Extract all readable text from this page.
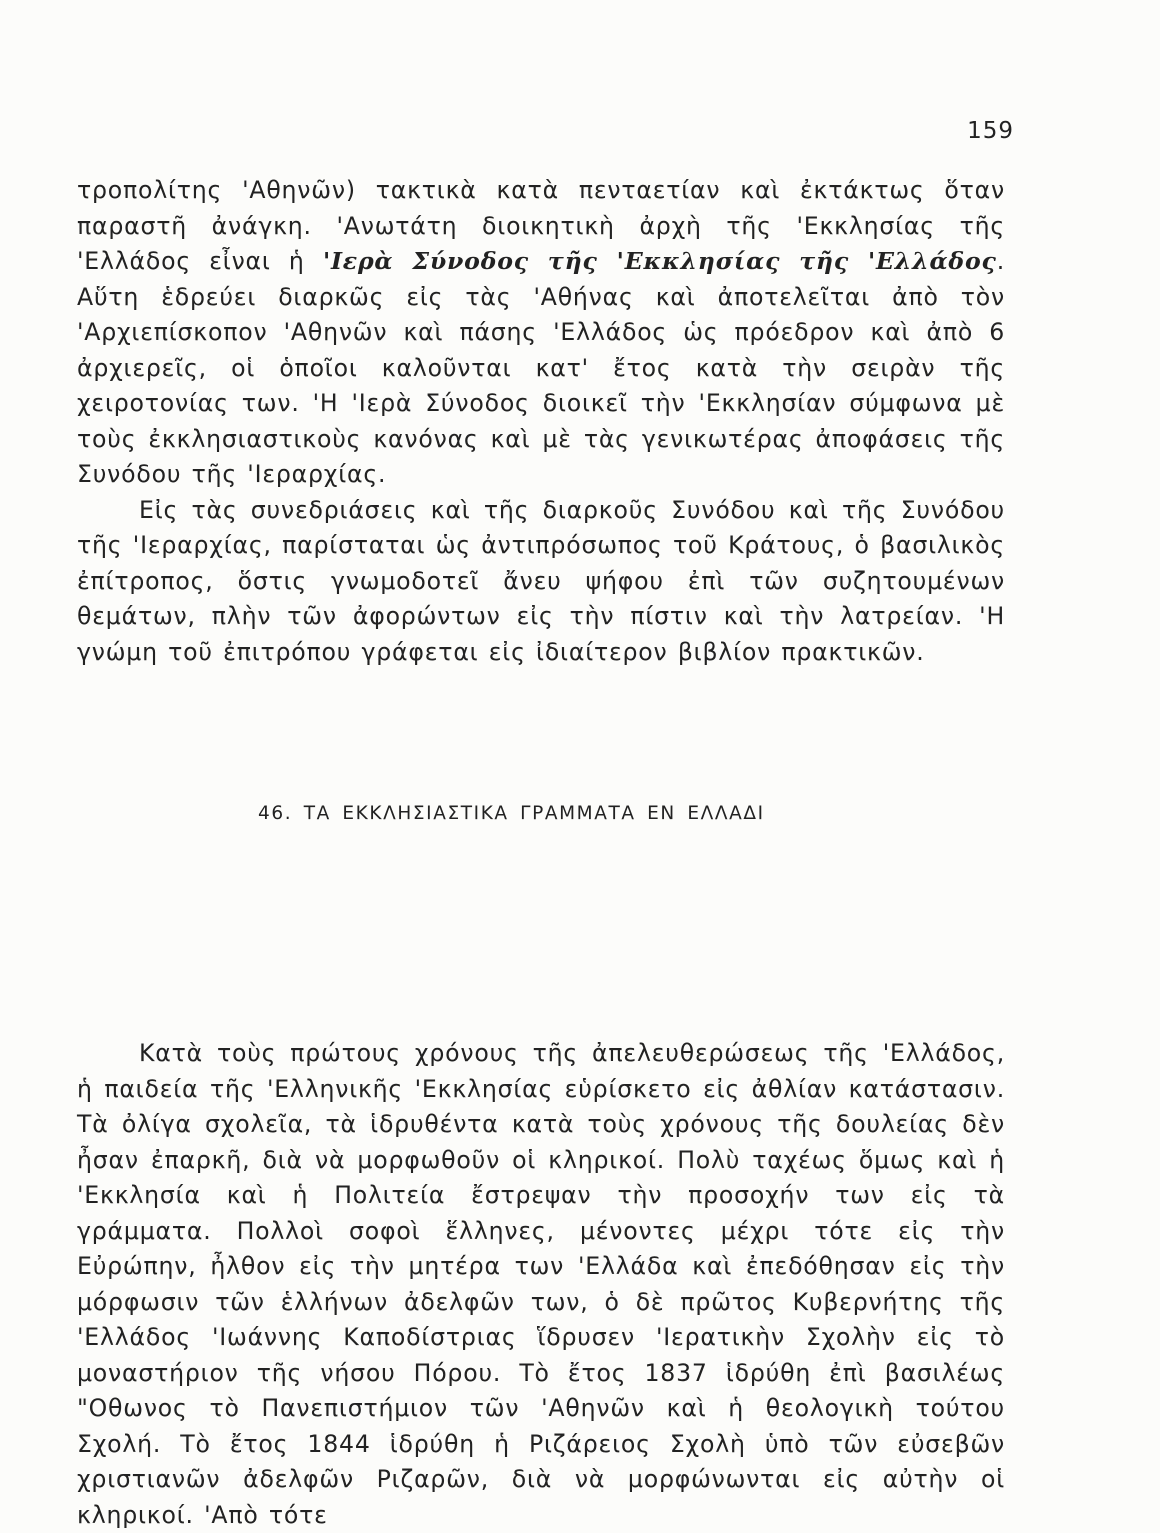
159

τροπολίτης 'Αθηνῶν) τακτικὰ κατὰ πενταετίαν καὶ ἐκτάκτως ὅταν παραστῆ ἀνάγκη. 'Ανωτάτη διοικητικὴ ἀρχὴ τῆς 'Εκκλησίας τῆς 'Ελλάδος εἶναι ἡ 'Ιερὰ Σύνοδος τῆς 'Εκκλησίας τῆς 'Ελλάδος. Αὕτη ἑδρεύει διαρκῶς εἰς τὰς 'Αθήνας καὶ ἀποτελεῖται ἀπὸ τὸν 'Αρχιεπίσκοπον 'Αθηνῶν καὶ πάσης 'Ελλάδος ὡς πρόεδρον καὶ ἀπὸ 6 ἀρχιερεῖς, οἱ ὁποῖοι καλοῦνται κατ' ἔτος κατὰ τὴν σειρὰν τῆς χειροτονίας των. 'Η 'Ιερὰ Σύνοδος διοικεῖ τὴν 'Εκκλησίαν σύμφωνα μὲ τοὺς ἐκκλησιαστικοὺς κανόνας καὶ μὲ τὰς γενικωτέρας ἀποφάσεις τῆς Συνόδου τῆς 'Ιεραρχίας.

Εἰς τὰς συνεδριάσεις καὶ τῆς διαρκοῦς Συνόδου καὶ τῆς Συνόδου τῆς 'Ιεραρχίας, παρίσταται ὡς ἀντιπρόσωπος τοῦ Κράτους, ὁ βασιλικὸς ἐπίτροπος, ὅστις γνωμοδοτεῖ ἄνευ ψήφου ἐπὶ τῶν συζητουμένων θεμάτων, πλὴν τῶν ἀφορώντων εἰς τὴν πίστιν καὶ τὴν λατρείαν. 'Η γνώμη τοῦ ἐπιτρόπου γράφεται εἰς ἰδιαίτερον βιβλίον πρακτικῶν.

46. ΤΑ ΕΚΚΛΗΣΙΑΣΤΙΚΑ ΓΡΑΜΜΑΤΑ ΕΝ ΕΛΛΑΔΙ

Κατὰ τοὺς πρώτους χρόνους τῆς ἀπελευθερώσεως τῆς 'Ελλάδος, ἡ παιδεία τῆς 'Ελληνικῆς 'Εκκλησίας εὑρίσκετο εἰς ἀθλίαν κατάστασιν. Τὰ ὀλίγα σχολεῖα, τὰ ἱδρυθέντα κατὰ τοὺς χρόνους τῆς δουλείας δὲν ἦσαν ἐπαρκῆ, διὰ νὰ μορφωθοῦν οἱ κληρικοί. Πολὺ ταχέως ὅμως καὶ ἡ 'Εκκλησία καὶ ἡ Πολιτεία ἔστρεψαν τὴν προσοχήν των εἰς τὰ γράμματα. Πολλοὶ σοφοὶ ἕλληνες, μένοντες μέχρι τότε εἰς τὴν Εὐρώπην, ἦλθον εἰς τὴν μητέρα των 'Ελλάδα καὶ ἐπεδόθησαν εἰς τὴν μόρφωσιν τῶν ἑλλήνων ἀδελφῶν των, ὁ δὲ πρῶτος Κυβερνήτης τῆς 'Ελλάδος 'Ιωάννης Καποδίστριας ἵδρυσεν 'Ιερατικὴν Σχολὴν εἰς τὸ μοναστήριον τῆς νήσου Πόρου. Τὸ ἔτος 1837 ἱδρύθη ἐπὶ βασιλέως "Οθωνος τὸ Πανεπιστήμιον τῶν 'Αθηνῶν καὶ ἡ θεολογικὴ τούτου Σχολή. Τὸ ἔτος 1844 ἱδρύθη ἡ Ριζάρειος Σχολὴ ὑπὸ τῶν εὐσεβῶν χριστιανῶν ἀδελφῶν Ριζαρῶν, διὰ νὰ μορφώνωνται εἰς αὐτὴν οἱ κληρικοί. 'Απὸ τότε
